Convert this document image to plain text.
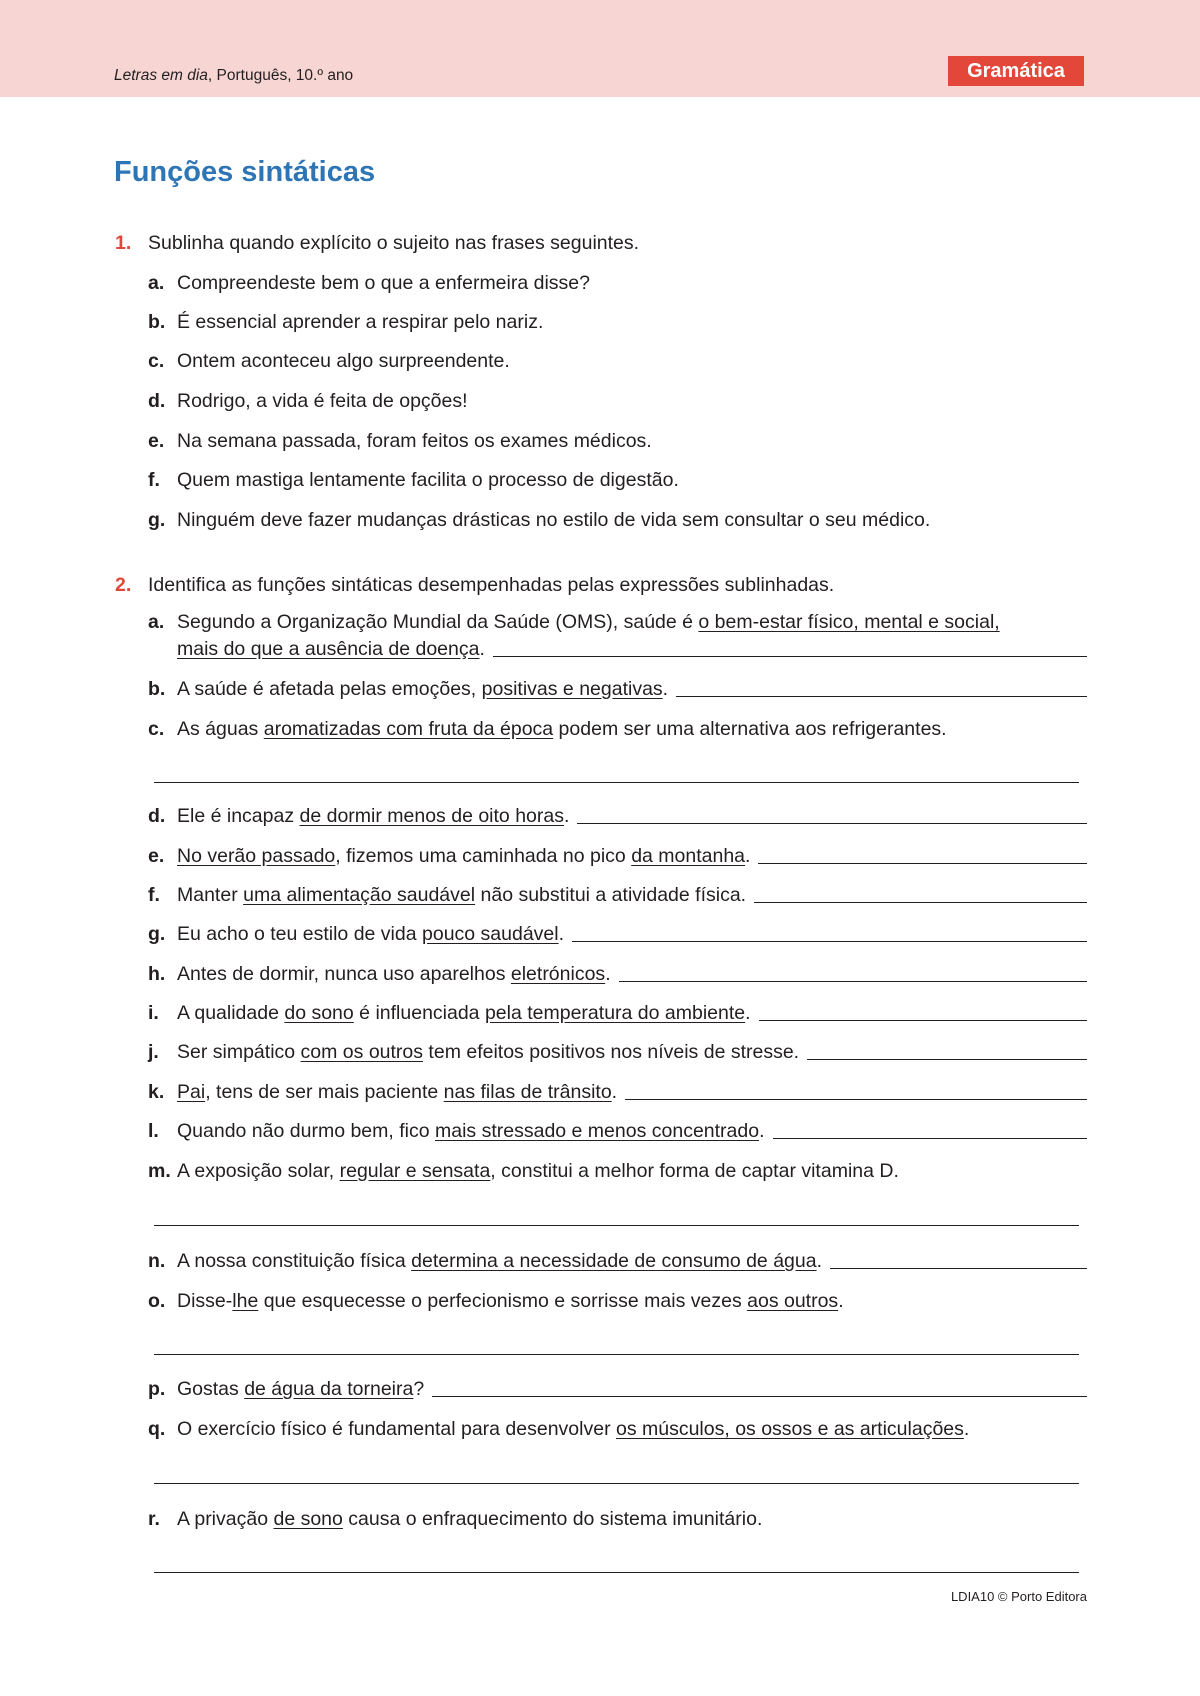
Letras em dia, Português, 10.º ano	Gramática
Funções sintáticas
1. Sublinha quando explícito o sujeito nas frases seguintes.
a. Compreendeste bem o que a enfermeira disse?
b. É essencial aprender a respirar pelo nariz.
c. Ontem aconteceu algo surpreendente.
d. Rodrigo, a vida é feita de opções!
e. Na semana passada, foram feitos os exames médicos.
f. Quem mastiga lentamente facilita o processo de digestão.
g. Ninguém deve fazer mudanças drásticas no estilo de vida sem consultar o seu médico.
2. Identifica as funções sintáticas desempenhadas pelas expressões sublinhadas.
a. Segundo a Organização Mundial da Saúde (OMS), saúde é o bem-estar físico, mental e social,
mais do que a ausência de doença.
b. A saúde é afetada pelas emoções, positivas e negativas.
c. As águas aromatizadas com fruta da época podem ser uma alternativa aos refrigerantes.
d. Ele é incapaz de dormir menos de oito horas.
e. No verão passado, fizemos uma caminhada no pico da montanha.
f. Manter uma alimentação saudável não substitui a atividade física.
g. Eu acho o teu estilo de vida pouco saudável.
h. Antes de dormir, nunca uso aparelhos eletrónicos.
i. A qualidade do sono é influenciada pela temperatura do ambiente.
j. Ser simpático com os outros tem efeitos positivos nos níveis de stresse.
k. Pai, tens de ser mais paciente nas filas de trânsito.
l. Quando não durmo bem, fico mais stressado e menos concentrado.
m. A exposição solar, regular e sensata, constitui a melhor forma de captar vitamina D.
n. A nossa constituição física determina a necessidade de consumo de água.
o. Disse-lhe que esquecesse o perfecionismo e sorrisse mais vezes aos outros.
p. Gostas de água da torneira?
q. O exercício físico é fundamental para desenvolver os músculos, os ossos e as articulações.
r. A privação de sono causa o enfraquecimento do sistema imunitário.
LDIA10 © Porto Editora
